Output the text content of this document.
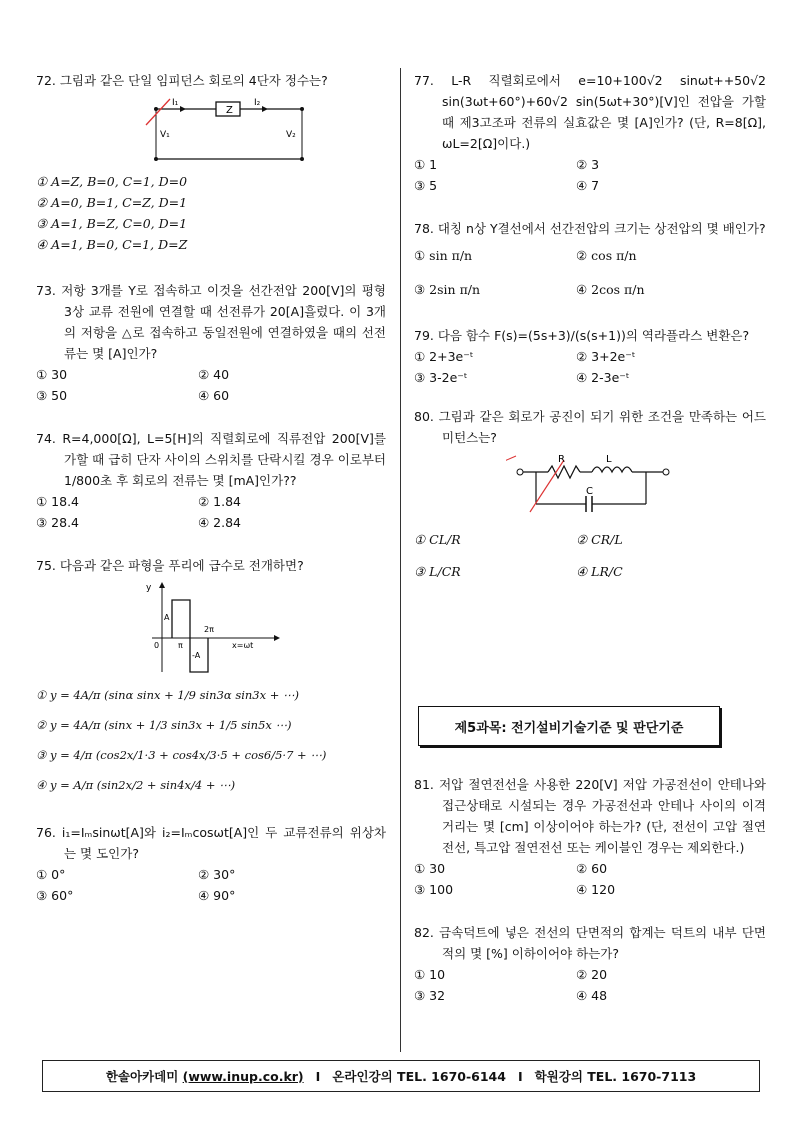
72. 그림과 같은 단일 임피던스 회로의 4단자 정수는?
I₁
Z
I₂
V₁	V₂
① A=Z, B=0, C=1, D=0
② A=0, B=1, C=Z, D=1
③ A=1, B=Z, C=0, D=1
④ A=1, B=0, C=1, D=Z
73. 저항 3개를 Y로 접속하고 이것을 선간전압 200[V]의 평형 3상 교류 전원에 연결할 때 선전류가 20[A]흘렀다. 이 3개의 저항을 △로 접속하고 동일전원에 연결하였을 때의 선전류는 몇 [A]인가?
① 30	② 40
③ 50	④ 60
74. R=4,000[Ω], L=5[H]의 직렬회로에 직류전압 200[V]를 가할 때 급히 단자 사이의 스위치를 단락시킬 경우 이로부터 1/800초 후 회로의 전류는 몇 [mA]인가??
① 18.4	② 1.84
③ 28.4	④ 2.84
75. 다음과 같은 파형을 푸리에 급수로 전개하면?
y
A
-A
0 π
2π
x=ωt
① y = 4A/π (sinα sinx + 1/9 sin3α sin3x + ⋯)
② y = 4A/π (sinx + 1/3 sin3x + 1/5 sin5x ⋯)
③ y = 4/π (cos2x/1·3 + cos4x/3·5 + cos6/5·7 + ⋯)
④ y = A/π (sin2x/2 + sin4x/4 + ⋯)
76. i₁=Iₘsinωt[A]와 i₂=Iₘcosωt[A]인 두 교류전류의 위상차는 몇 도인가?
① 0°	② 30°
③ 60°	④ 90°
77. L-R 직렬회로에서 e=10+100√2 sinωt++50√2 sin(3ωt+60°)+60√2 sin(5ωt+30°)[V]인 전압을 가할 때 제3고조파 전류의 실효값은 몇 [A]인가? (단, R=8[Ω], ωL=2[Ω]이다.)
① 1	② 3
③ 5	④ 7
78. 대칭 n상 Y결선에서 선간전압의 크기는 상전압의 몇 배인가?
① sin π/n	② cos π/n
③ 2sin π/n	④ 2cos π/n
79. 다음 함수 F(s)=(5s+3)/(s(s+1))의 역라플라스 변환은?
① 2+3e⁻ᵗ	② 3+2e⁻ᵗ
③ 3-2e⁻ᵗ	④ 2-3e⁻ᵗ
80. 그림과 같은 회로가 공진이 되기 위한 조건을 만족하는 어드미턴스는?
R	L
C
① CL/R	② CR/L
③ L/CR	④ LR/C
제5과목: 전기설비기술기준 및 판단기준
81. 저압 절연전선을 사용한 220[V] 저압 가공전선이 안테나와 접근상태로 시설되는 경우 가공전선과 안테나 사이의 이격거리는 몇 [cm] 이상이어야 하는가? (단, 전선이 고압 절연전선, 특고압 절연전선 또는 케이블인 경우는 제외한다.)
① 30	② 60
③ 100	④ 120
82. 금속덕트에 넣은 전선의 단면적의 합계는 덕트의 내부 단면적의 몇 [%] 이하이어야 하는가?
① 10	② 20
③ 32	④ 48
한솔아카데미
(www.inup.co.kr) I 온라인강의 TEL. 1670-6144 I 학원강의 TEL. 1670-7113
